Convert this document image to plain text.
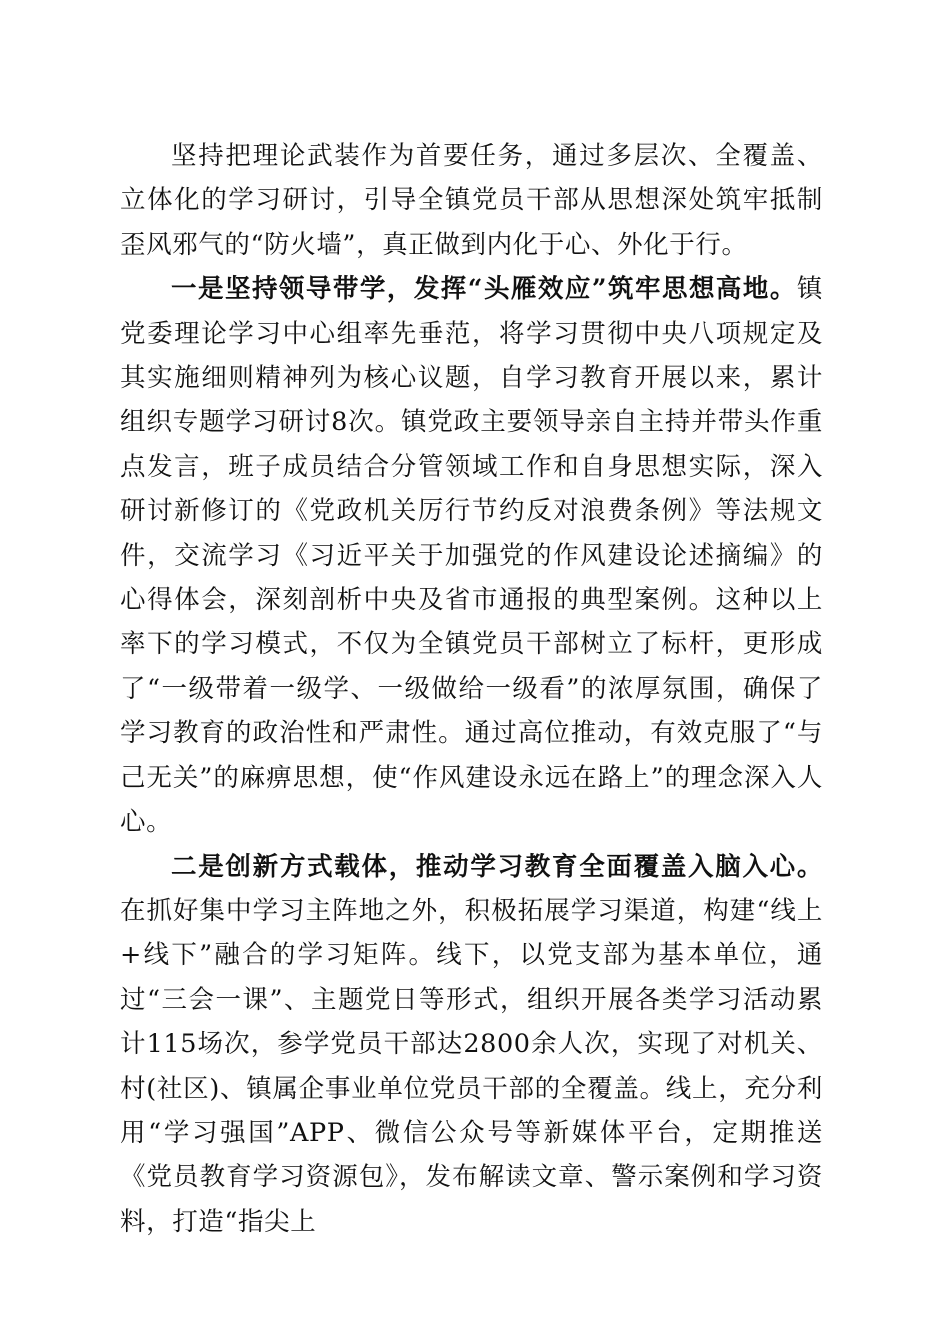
坚持把理论武装作为首要任务，通过多层次、全覆盖、立体化的学习研讨，引导全镇党员干部从思想深处筑牢抵制歪风邪气的“防火墙”，真正做到内化于心、外化于行。

一是坚持领导带学，发挥“头雁效应”筑牢思想高地。镇党委理论学习中心组率先垂范，将学习贯彻中央八项规定及其实施细则精神列为核心议题，自学习教育开展以来，累计组织专题学习研讨8次。镇党政主要领导亲自主持并带头作重点发言，班子成员结合分管领域工作和自身思想实际，深入研讨新修订的《党政机关厉行节约反对浪费条例》等法规文件，交流学习《习近平关于加强党的作风建设论述摘编》的心得体会，深刻剖析中央及省市通报的典型案例。这种以上率下的学习模式，不仅为全镇党员干部树立了标杆，更形成了“一级带着一级学、一级做给一级看”的浓厚氛围，确保了学习教育的政治性和严肃性。通过高位推动，有效克服了“与己无关”的麻痹思想，使“作风建设永远在路上”的理念深入人心。

二是创新方式载体，推动学习教育全面覆盖入脑入心。在抓好集中学习主阵地之外，积极拓展学习渠道，构建“线上+线下”融合的学习矩阵。线下，以党支部为基本单位，通过“三会一课”、主题党日等形式，组织开展各类学习活动累计115场次，参学党员干部达2800余人次，实现了对机关、村(社区)、镇属企事业单位党员干部的全覆盖。线上，充分利用“学习强国”APP、微信公众号等新媒体平台，定期推送《党员教育学习资源包》，发布解读文章、警示案例和学习资料，打造“指尖上
